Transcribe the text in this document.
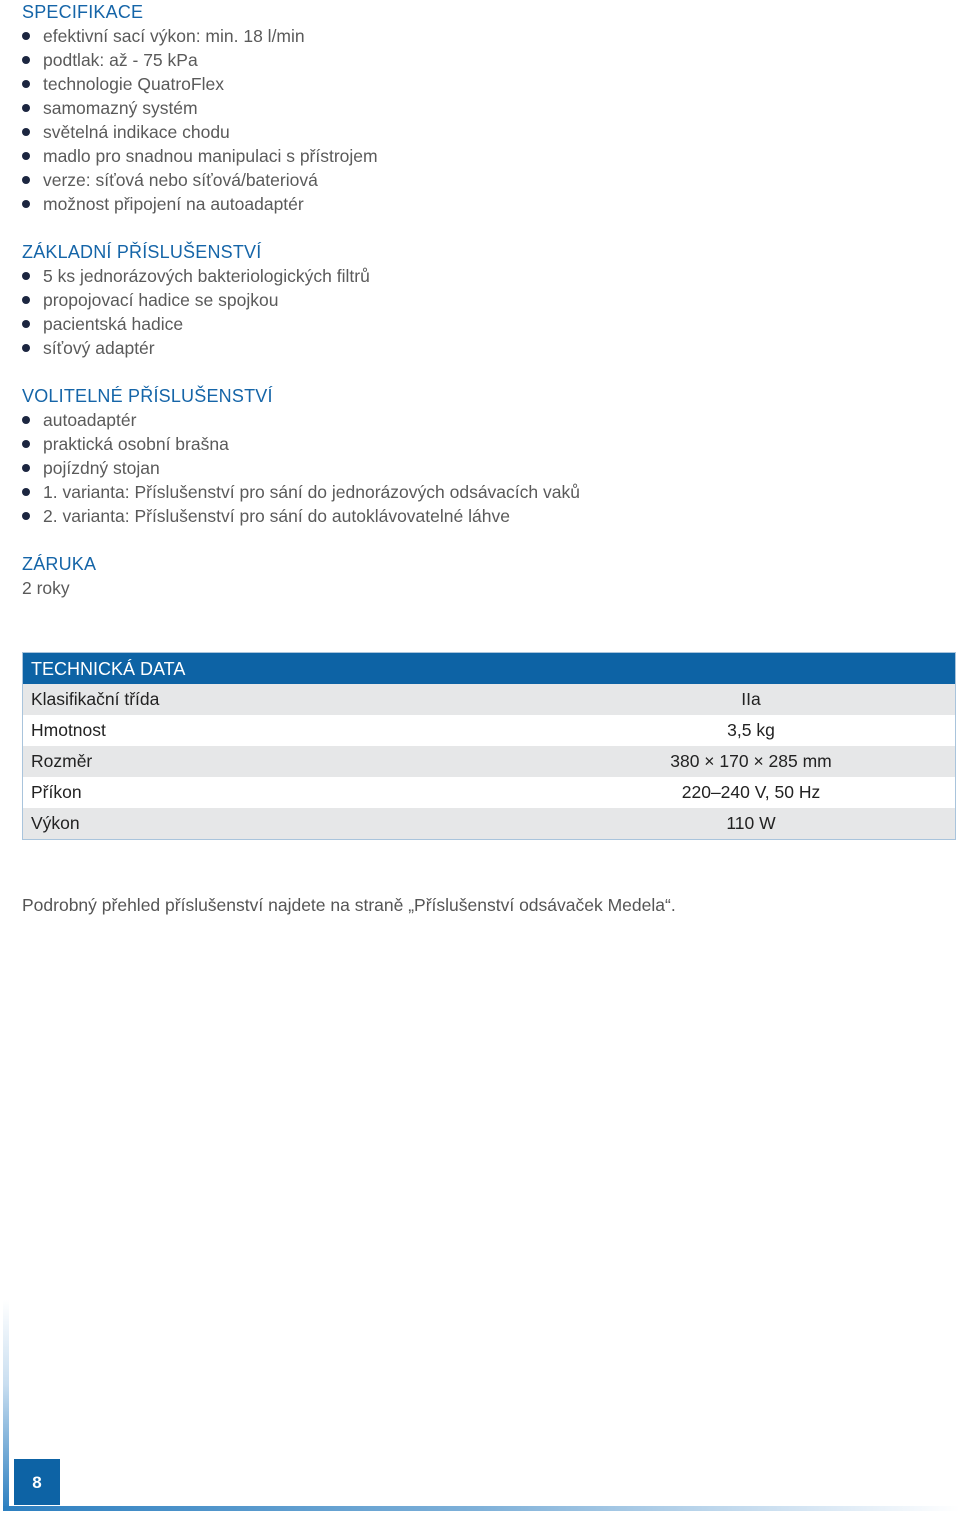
SPECIFIKACE
efektivní sací výkon: min. 18 l/min
podtlak: až - 75 kPa
technologie QuatroFlex
samomazný systém
světelná indikace chodu
madlo pro snadnou manipulaci s přístrojem
verze: síťová nebo síťová/bateriová
možnost připojení na autoadaptér
ZÁKLADNÍ PŘÍSLUŠENSTVÍ
5 ks jednorázových bakteriologických filtrů
propojovací hadice se spojkou
pacientská hadice
síťový adaptér
VOLITELNÉ PŘÍSLUŠENSTVÍ
autoadaptér
praktická osobní brašna
pojízdný stojan
1. varianta: Příslušenství pro sání do jednorázových odsávacích vaků
2. varianta: Příslušenství pro sání do autoklávovatelné láhve
ZÁRUKA
2 roky
TECHNICKÁ DATA
Klasifikační třída	IIa
Hmotnost	3,5 kg
Rozměr	380 × 170 × 285 mm
Příkon	220–240 V, 50 Hz
Výkon	110 W
Podrobný přehled příslušenství najdete na straně „Příslušenství odsávaček Medela“.
8
